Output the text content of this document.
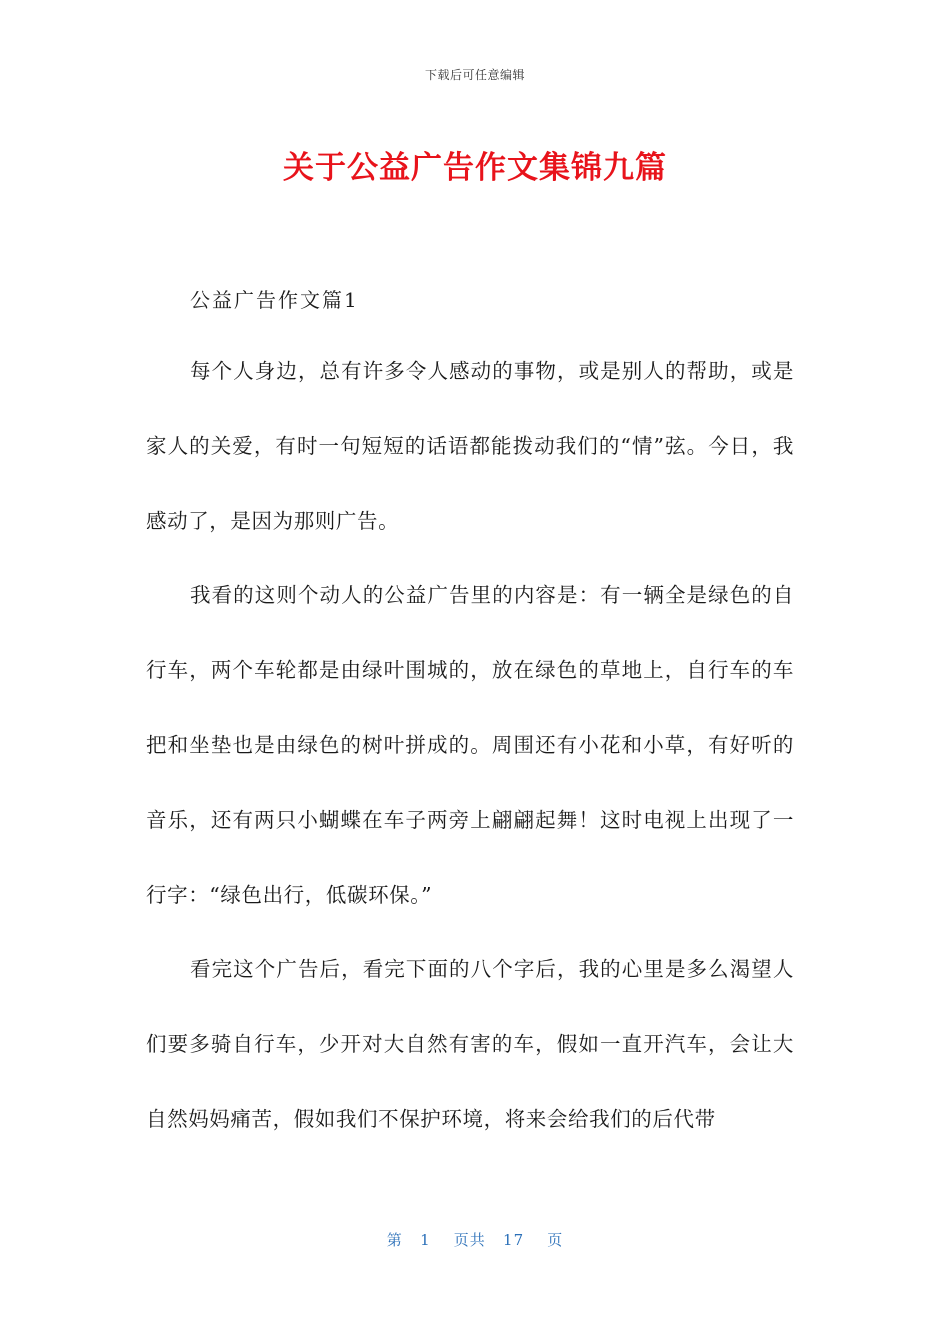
下载后可任意编辑
关于公益广告作文集锦九篇

公益广告作文篇1

每个人身边，总有许多令人感动的事物，或是别人的帮助，或是家人的关爱，有时一句短短的话语都能拨动我们的“情”弦。今日，我感动了，是因为那则广告。

我看的这则个动人的公益广告里的内容是：有一辆全是绿色的自行车，两个车轮都是由绿叶围城的，放在绿色的草地上，自行车的车把和坐垫也是由绿色的树叶拼成的。周围还有小花和小草，有好听的音乐，还有两只小蝴蝶在车子两旁上翩翩起舞！这时电视上出现了一行字：“绿色出行，低碳环保。”

看完这个广告后，看完下面的八个字后，我的心里是多么渴望人们要多骑自行车，少开对大自然有害的车，假如一直开汽车，会让大自然妈妈痛苦，假如我们不保护环境，将来会给我们的后代带

第 1 页共 17 页
